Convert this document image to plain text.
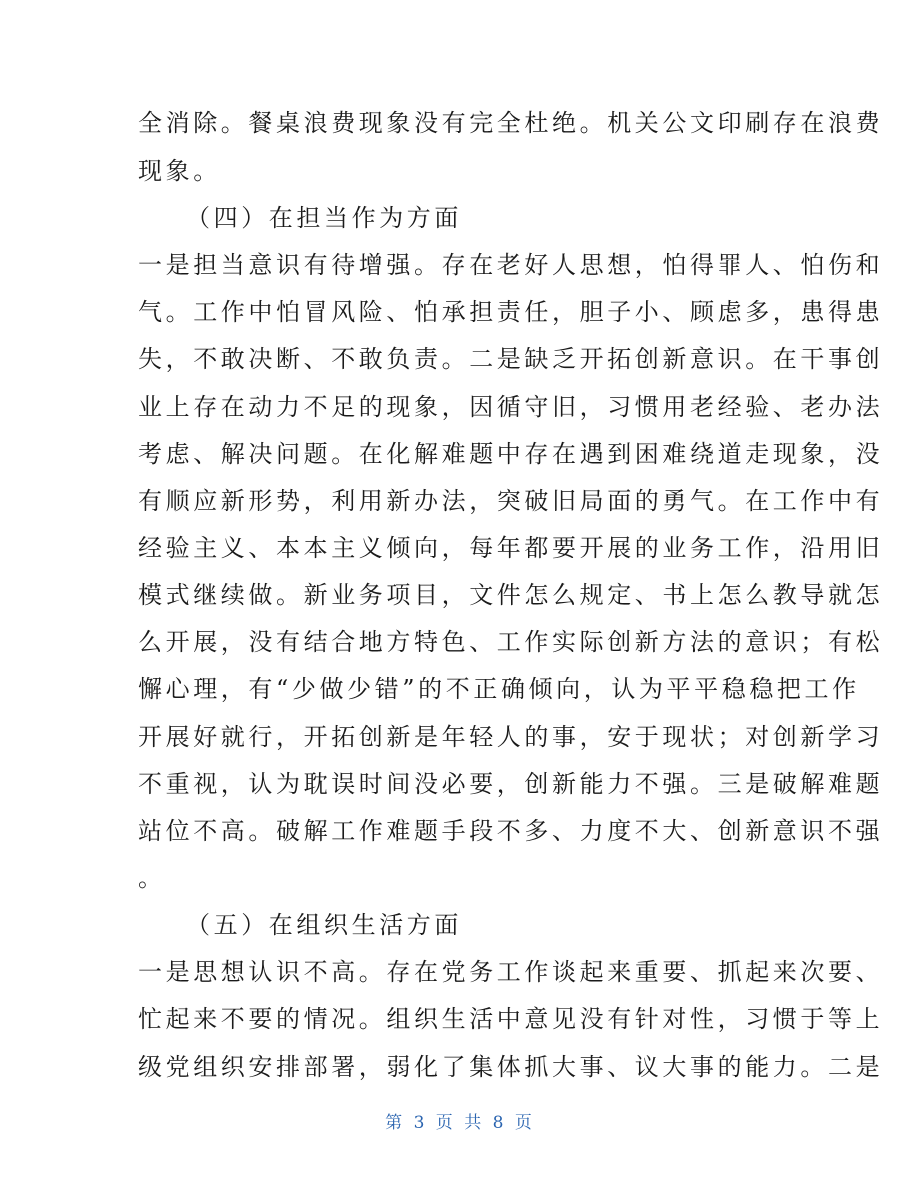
全消除。餐桌浪费现象没有完全杜绝。机关公文印刷存在浪费
现象。
（四）在担当作为方面
一是担当意识有待增强。存在老好人思想，怕得罪人、怕伤和
气。工作中怕冒风险、怕承担责任，胆子小、顾虑多，患得患
失，不敢决断、不敢负责。二是缺乏开拓创新意识。在干事创
业上存在动力不足的现象，因循守旧，习惯用老经验、老办法
考虑、解决问题。在化解难题中存在遇到困难绕道走现象，没
有顺应新形势，利用新办法，突破旧局面的勇气。在工作中有
经验主义、本本主义倾向，每年都要开展的业务工作，沿用旧
模式继续做。新业务项目，文件怎么规定、书上怎么教导就怎
么开展，没有结合地方特色、工作实际创新方法的意识；有松
懈心理，有“少做少错”的不正确倾向，认为平平稳稳把工作
开展好就行，开拓创新是年轻人的事，安于现状；对创新学习
不重视，认为耽误时间没必要，创新能力不强。三是破解难题
站位不高。破解工作难题手段不多、力度不大、创新意识不强
。
（五）在组织生活方面
一是思想认识不高。存在党务工作谈起来重要、抓起来次要、
忙起来不要的情况。组织生活中意见没有针对性，习惯于等上
级党组织安排部署，弱化了集体抓大事、议大事的能力。二是
第 3 页 共 8 页
